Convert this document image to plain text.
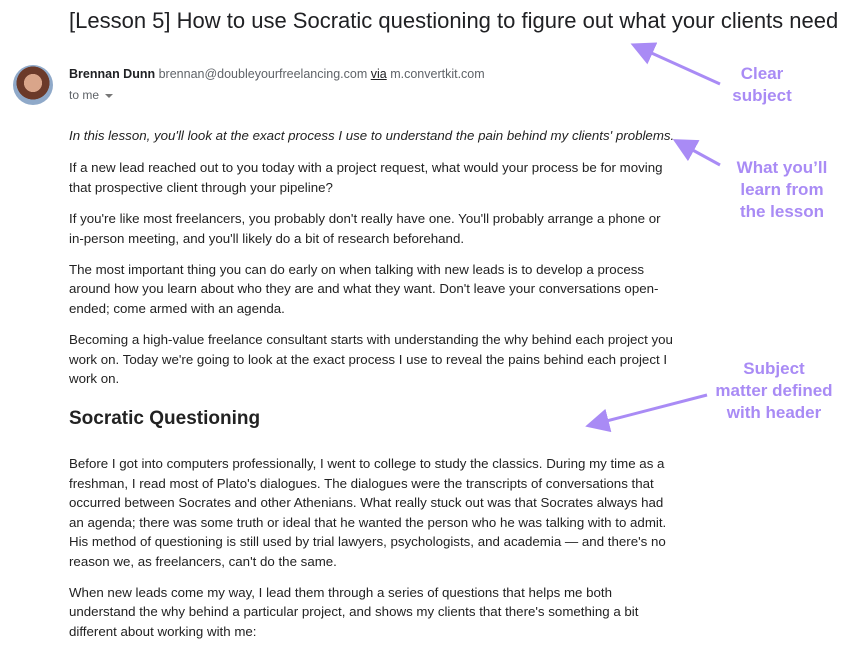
[Lesson 5] How to use Socratic questioning to figure out what your clients need
Brennan Dunn brennan@doubleyourfreelancing.com via m.convertkit.com
to me

In this lesson, you'll look at the exact process I use to understand the pain behind my clients' problems.

If a new lead reached out to you today with a project request, what would your process be for moving that prospective client through your pipeline?

If you're like most freelancers, you probably don't really have one. You'll probably arrange a phone or in-person meeting, and you'll likely do a bit of research beforehand.

The most important thing you can do early on when talking with new leads is to develop a process around how you learn about who they are and what they want. Don't leave your conversations open-ended; come armed with an agenda.

Becoming a high-value freelance consultant starts with understanding the why behind each project you work on. Today we're going to look at the exact process I use to reveal the pains behind each project I work on.

Socratic Questioning

Before I got into computers professionally, I went to college to study the classics. During my time as a freshman, I read most of Plato's dialogues. The dialogues were the transcripts of conversations that occurred between Socrates and other Athenians. What really stuck out was that Socrates always had an agenda; there was some truth or ideal that he wanted the person who he was talking with to admit. His method of questioning is still used by trial lawyers, psychologists, and academia — and there's no reason we, as freelancers, can't do the same.

When new leads come my way, I lead them through a series of questions that helps me both understand the why behind a particular project, and shows my clients that there's something a bit different about working with me:

Clear subject
What you’ll learn from the lesson
Subject matter defined with header
